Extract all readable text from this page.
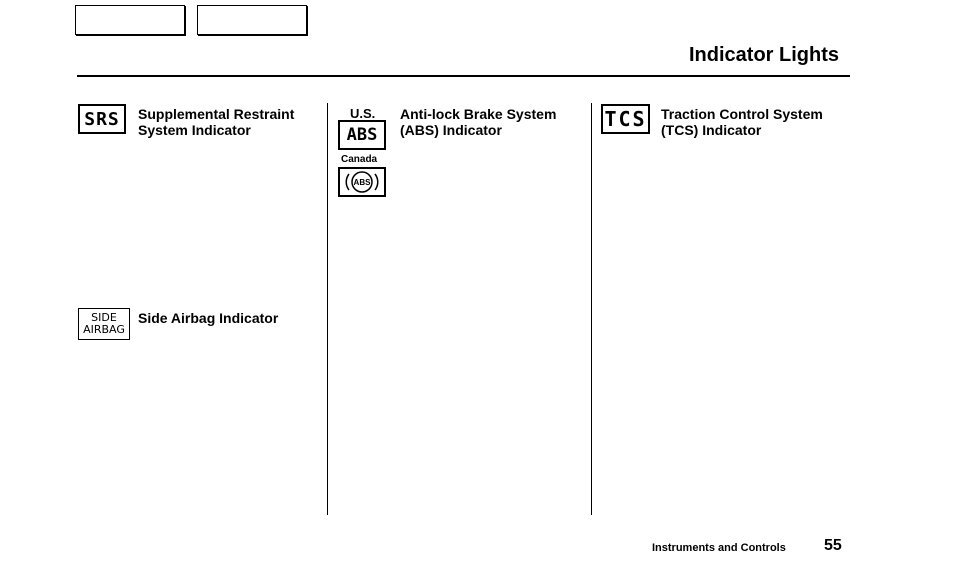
Indicator Lights
SRS Supplemental Restraint
System Indicator
SIDE
AIRBAG
Side Airbag Indicator
U.S.
ABS
Canada
ABS
Anti-lock Brake System
(ABS) Indicator	TCS Traction Control System
(TCS) Indicator
Instruments and Controls 55
